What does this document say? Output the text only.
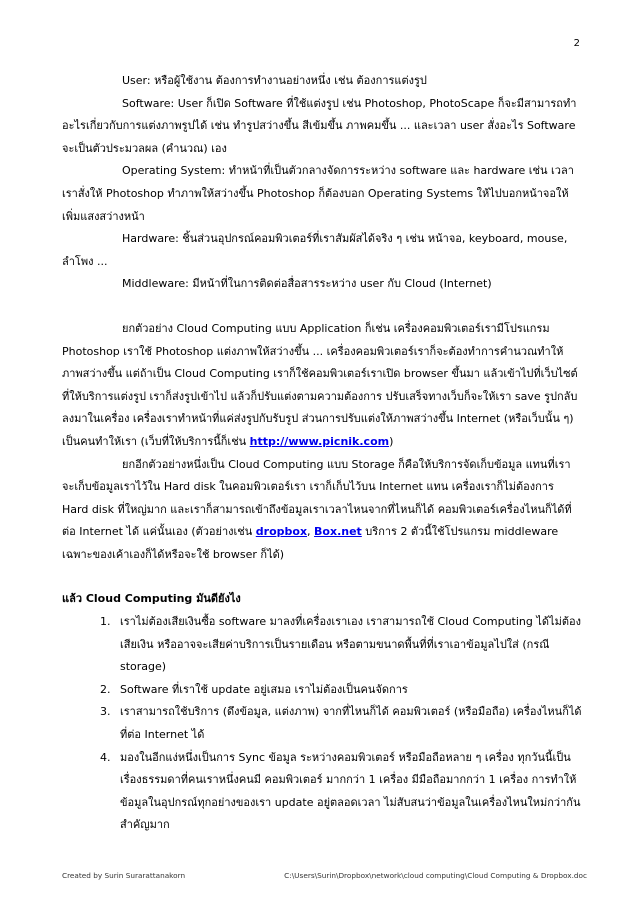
2

User: หรือผู้ใช้งาน ต้องการทำงานอย่างหนึ่ง เช่น ต้องการแต่งรูป

Software: User ก็เปิด Software ที่ใช้แต่งรูป เช่น Photoshop, PhotoScape ก็จะมีสามารถทำอะไรเกี่ยวกับการแต่งภาพรูปได้ เช่น ทำรูปสว่างขึ้น สีเข้มขึ้น ภาพคมขึ้น ... และเวลา user สั่งอะไร Software จะเป็นตัวประมวลผล (คำนวณ) เอง

Operating System: ทำหน้าที่เป็นตัวกลางจัดการระหว่าง software และ hardware เช่น เวลาเราสั่งให้ Photoshop ทำภาพให้สว่างขึ้น Photoshop ก็ต้องบอก Operating Systems ให้ไปบอกหน้าจอให้เพิ่มแสงสว่างหน้า

Hardware: ชิ้นส่วนอุปกรณ์คอมพิวเตอร์ที่เราสัมผัสได้จริง ๆ เช่น หน้าจอ, keyboard, mouse, ลำโพง ...

Middleware: มีหน้าที่ในการติดต่อสื่อสารระหว่าง user กับ Cloud (Internet)

ยกตัวอย่าง Cloud Computing แบบ Application ก็เช่น เครื่องคอมพิวเตอร์เรามีโปรแกรม Photoshop เราใช้ Photoshop แต่งภาพให้สว่างขึ้น ... เครื่องคอมพิวเตอร์เราก็จะต้องทำการคำนวณทำให้ภาพสว่างขึ้น แต่ถ้าเป็น Cloud Computing เราก็ใช้คอมพิวเตอร์เราเปิด browser ขึ้นมา แล้วเข้าไปที่เว็บไซต์ที่ให้บริการแต่งรูป เราก็ส่งรูปเข้าไป แล้วก็ปรับแต่งตามความต้องการ ปรับเสร็จทางเว็บก็จะให้เรา save รูปกลับลงมาในเครื่อง เครื่องเราทำหน้าที่แค่ส่งรูปกับรับรูป ส่วนการปรับแต่งให้ภาพสว่างขึ้น Internet (หรือเว็บนั้น ๆ) เป็นคนทำให้เรา (เว็บที่ให้บริการนี้ก็เช่น http://www.picnik.com)

ยกอีกตัวอย่างหนึ่งเป็น Cloud Computing แบบ Storage ก็คือให้บริการจัดเก็บข้อมูล แทนที่เราจะเก็บข้อมูลเราไว้ใน Hard disk ในคอมพิวเตอร์เรา เราก็เก็บไว้บน Internet แทน เครื่องเราก็ไม่ต้องการ Hard disk ที่ใหญ่มาก และเราก็สามารถเข้าถึงข้อมูลเราเวลาไหนจากที่ไหนก็ได้ คอมพิวเตอร์เครื่องไหนก็ได้ที่ต่อ Internet ได้ แค่นั้นเอง (ตัวอย่างเช่น dropbox, Box.net บริการ 2 ตัวนี้ใช้โปรแกรม middleware เฉพาะของเค้าเองก็ได้หรือจะใช้ browser ก็ได้)

แล้ว Cloud Computing มันดียังไง

1. เราไม่ต้องเสียเงินซื้อ software มาลงที่เครื่องเราเอง เราสามารถใช้ Cloud Computing ได้ไม่ต้องเสียเงิน หรืออาจจะเสียค่าบริการเป็นรายเดือน หรือตามขนาดพื้นที่ที่เราเอาข้อมูลไปใส่ (กรณี storage)
2. Software ที่เราใช้ update อยู่เสมอ เราไม่ต้องเป็นคนจัดการ
3. เราสามารถใช้บริการ (ดึงข้อมูล, แต่งภาพ) จากที่ไหนก็ได้ คอมพิวเตอร์ (หรือมือถือ) เครื่องไหนก็ได้ที่ต่อ Internet ได้
4. มองในอีกแง่หนึ่งเป็นการ Sync ข้อมูล ระหว่างคอมพิวเตอร์ หรือมือถือหลาย ๆ เครื่อง ทุกวันนี้เป็นเรื่องธรรมดาที่คนเราหนึ่งคนมี คอมพิวเตอร์ มากกว่า 1 เครื่อง มีมือถือมากกว่า 1 เครื่อง การทำให้ข้อมูลในอุปกรณ์ทุกอย่างของเรา update อยู่ตลอดเวลา ไม่สับสนว่าข้อมูลในเครื่องไหนใหม่กว่ากันสำคัญมาก
Created by Surin Surarattanakorn	C:\Users\Surin\Dropbox\network\cloud computing\Cloud Computing & Dropbox.doc
